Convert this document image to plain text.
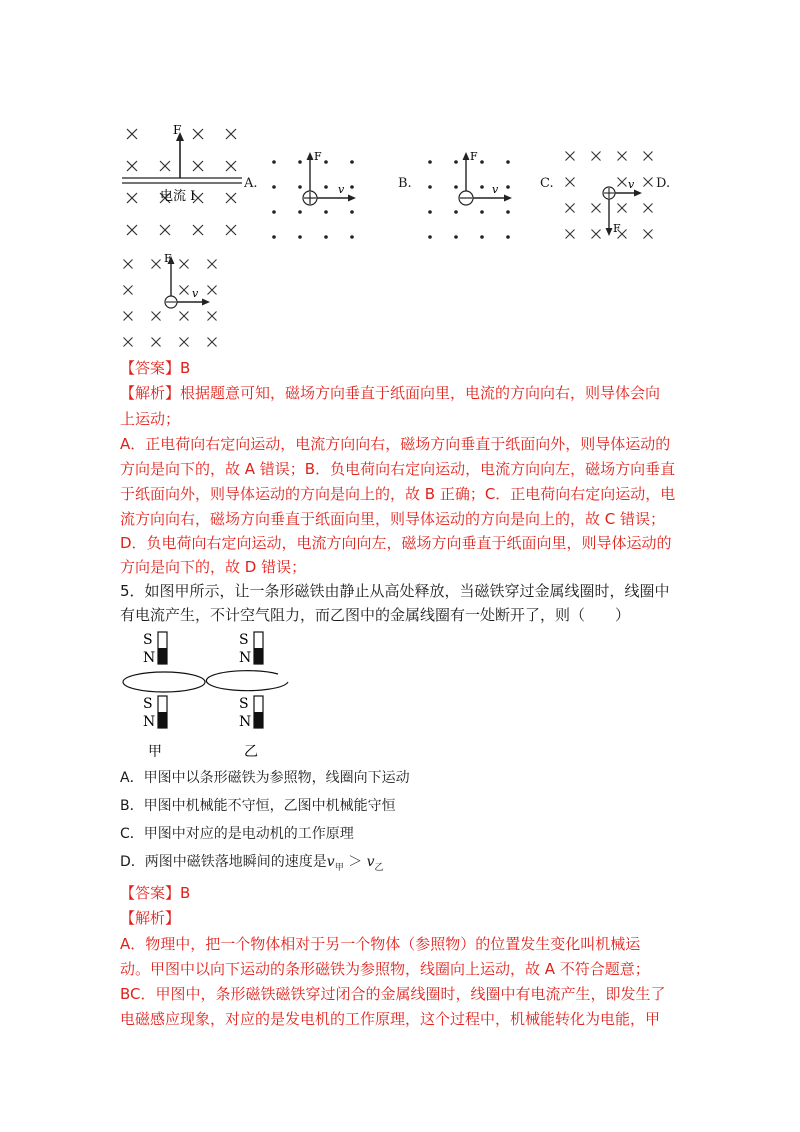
F
电流 I
A.
F
v	B.
F
v	C.
F
v D.
F
v
【答案】B
【解析】根据题意可知，磁场方向垂直于纸面向里，电流的方向向右，则导体会向
上运动；
A．正电荷向右定向运动，电流方向向右，磁场方向垂直于纸面向外，则导体运动的
方向是向下的，故 A 错误；B．负电荷向右定向运动，电流方向向左，磁场方向垂直
于纸面向外，则导体运动的方向是向上的，故 B 正确；C．正电荷向右定向运动，电
流方向向右，磁场方向垂直于纸面向里，则导体运动的方向是向上的，故 C 错误；
D．负电荷向右定向运动，电流方向向左，磁场方向垂直于纸面向里，则导体运动的
方向是向下的，故 D 错误；
5．如图甲所示，让一条形磁铁由静止从高处释放，当磁铁穿过金属线圈时，线圈中
有电流产生，不计空气阻力，而乙图中的金属线圈有一处断开了，则（　　）
S
N
S
N
S
N
S
N
甲	乙
A．甲图中以条形磁铁为参照物，线圈向下运动
B．甲图中机械能不守恒，乙图中机械能守恒
C．甲图中对应的是电动机的工作原理
D．两图中磁铁落地瞬间的速度是$v_甲 > v_乙$
【答案】B
【解析】
A．物理中，把一个物体相对于另一个物体（参照物）的位置发生变化叫机械运
动。甲图中以向下运动的条形磁铁为参照物，线圈向上运动，故 A 不符合题意；
BC．甲图中，条形磁铁磁铁穿过闭合的金属线圈时，线圈中有电流产生，即发生了
电磁感应现象，对应的是发电机的工作原理，这个过程中，机械能转化为电能，甲
